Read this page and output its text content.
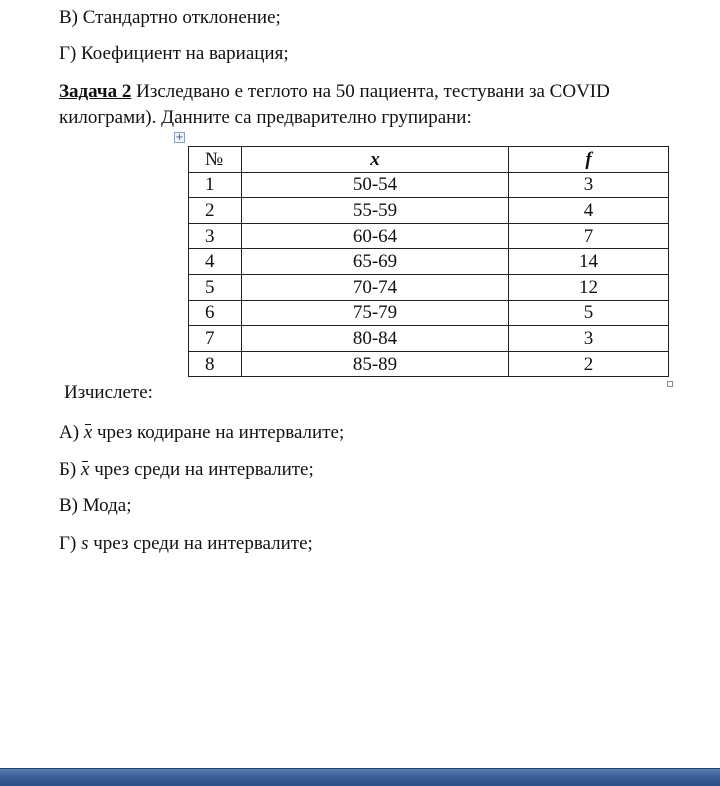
В) Стандартно отклонение;
Г) Коефициент на вариация;
Задача 2 Изследвано е теглото на 50 пациента, тестувани за COVID
килограми). Данните са предварително групирани:
+
№	x	f
1	50-54	3
2	55-59	4
3	60-64	7
4	65-69	14
5	70-74	12
6	75-79	5
7	80-84	3
8	85-89	2
Изчислете:
А) x чрез кодиране на интервалите;
Б) x чрез среди на интервалите;
В) Мода;
Г) s чрез среди на интервалите;
